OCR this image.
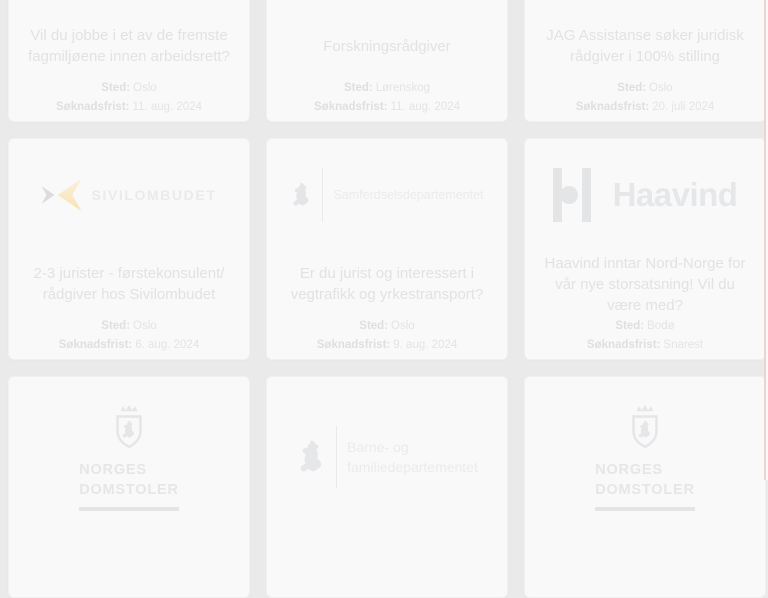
Vil du jobbe i et av de fremste fagmiljøene innen arbeidsrett?
Sted: Oslo
Søknadsfrist: 11. aug. 2024
Forskningsrådgiver
Sted: Lørenskog
Søknadsfrist: 11. aug. 2024
JAG Assistanse søker juridisk rådgiver i 100% stilling
Sted: Oslo
Søknadsfrist: 20. juli 2024
SIVILOMBUDET
2-3 jurister - førstekonsulent/​rådgiver hos Sivilombudet
Sted: Oslo
Søknadsfrist: 6. aug. 2024
Samferdselsdepartementet
Er du jurist og interessert i vegtrafikk og yrkestransport?
Sted: Oslo
Søknadsfrist: 9. aug. 2024
Haavind
Haavind inntar Nord-Norge for vår nye storsatsning! Vil du være med?
Sted: Bodø
Søknadsfrist: Snarest
NORGES
DOMSTOLER
Barne- og
familiedepartementet	NORGES
DOMSTOLER
